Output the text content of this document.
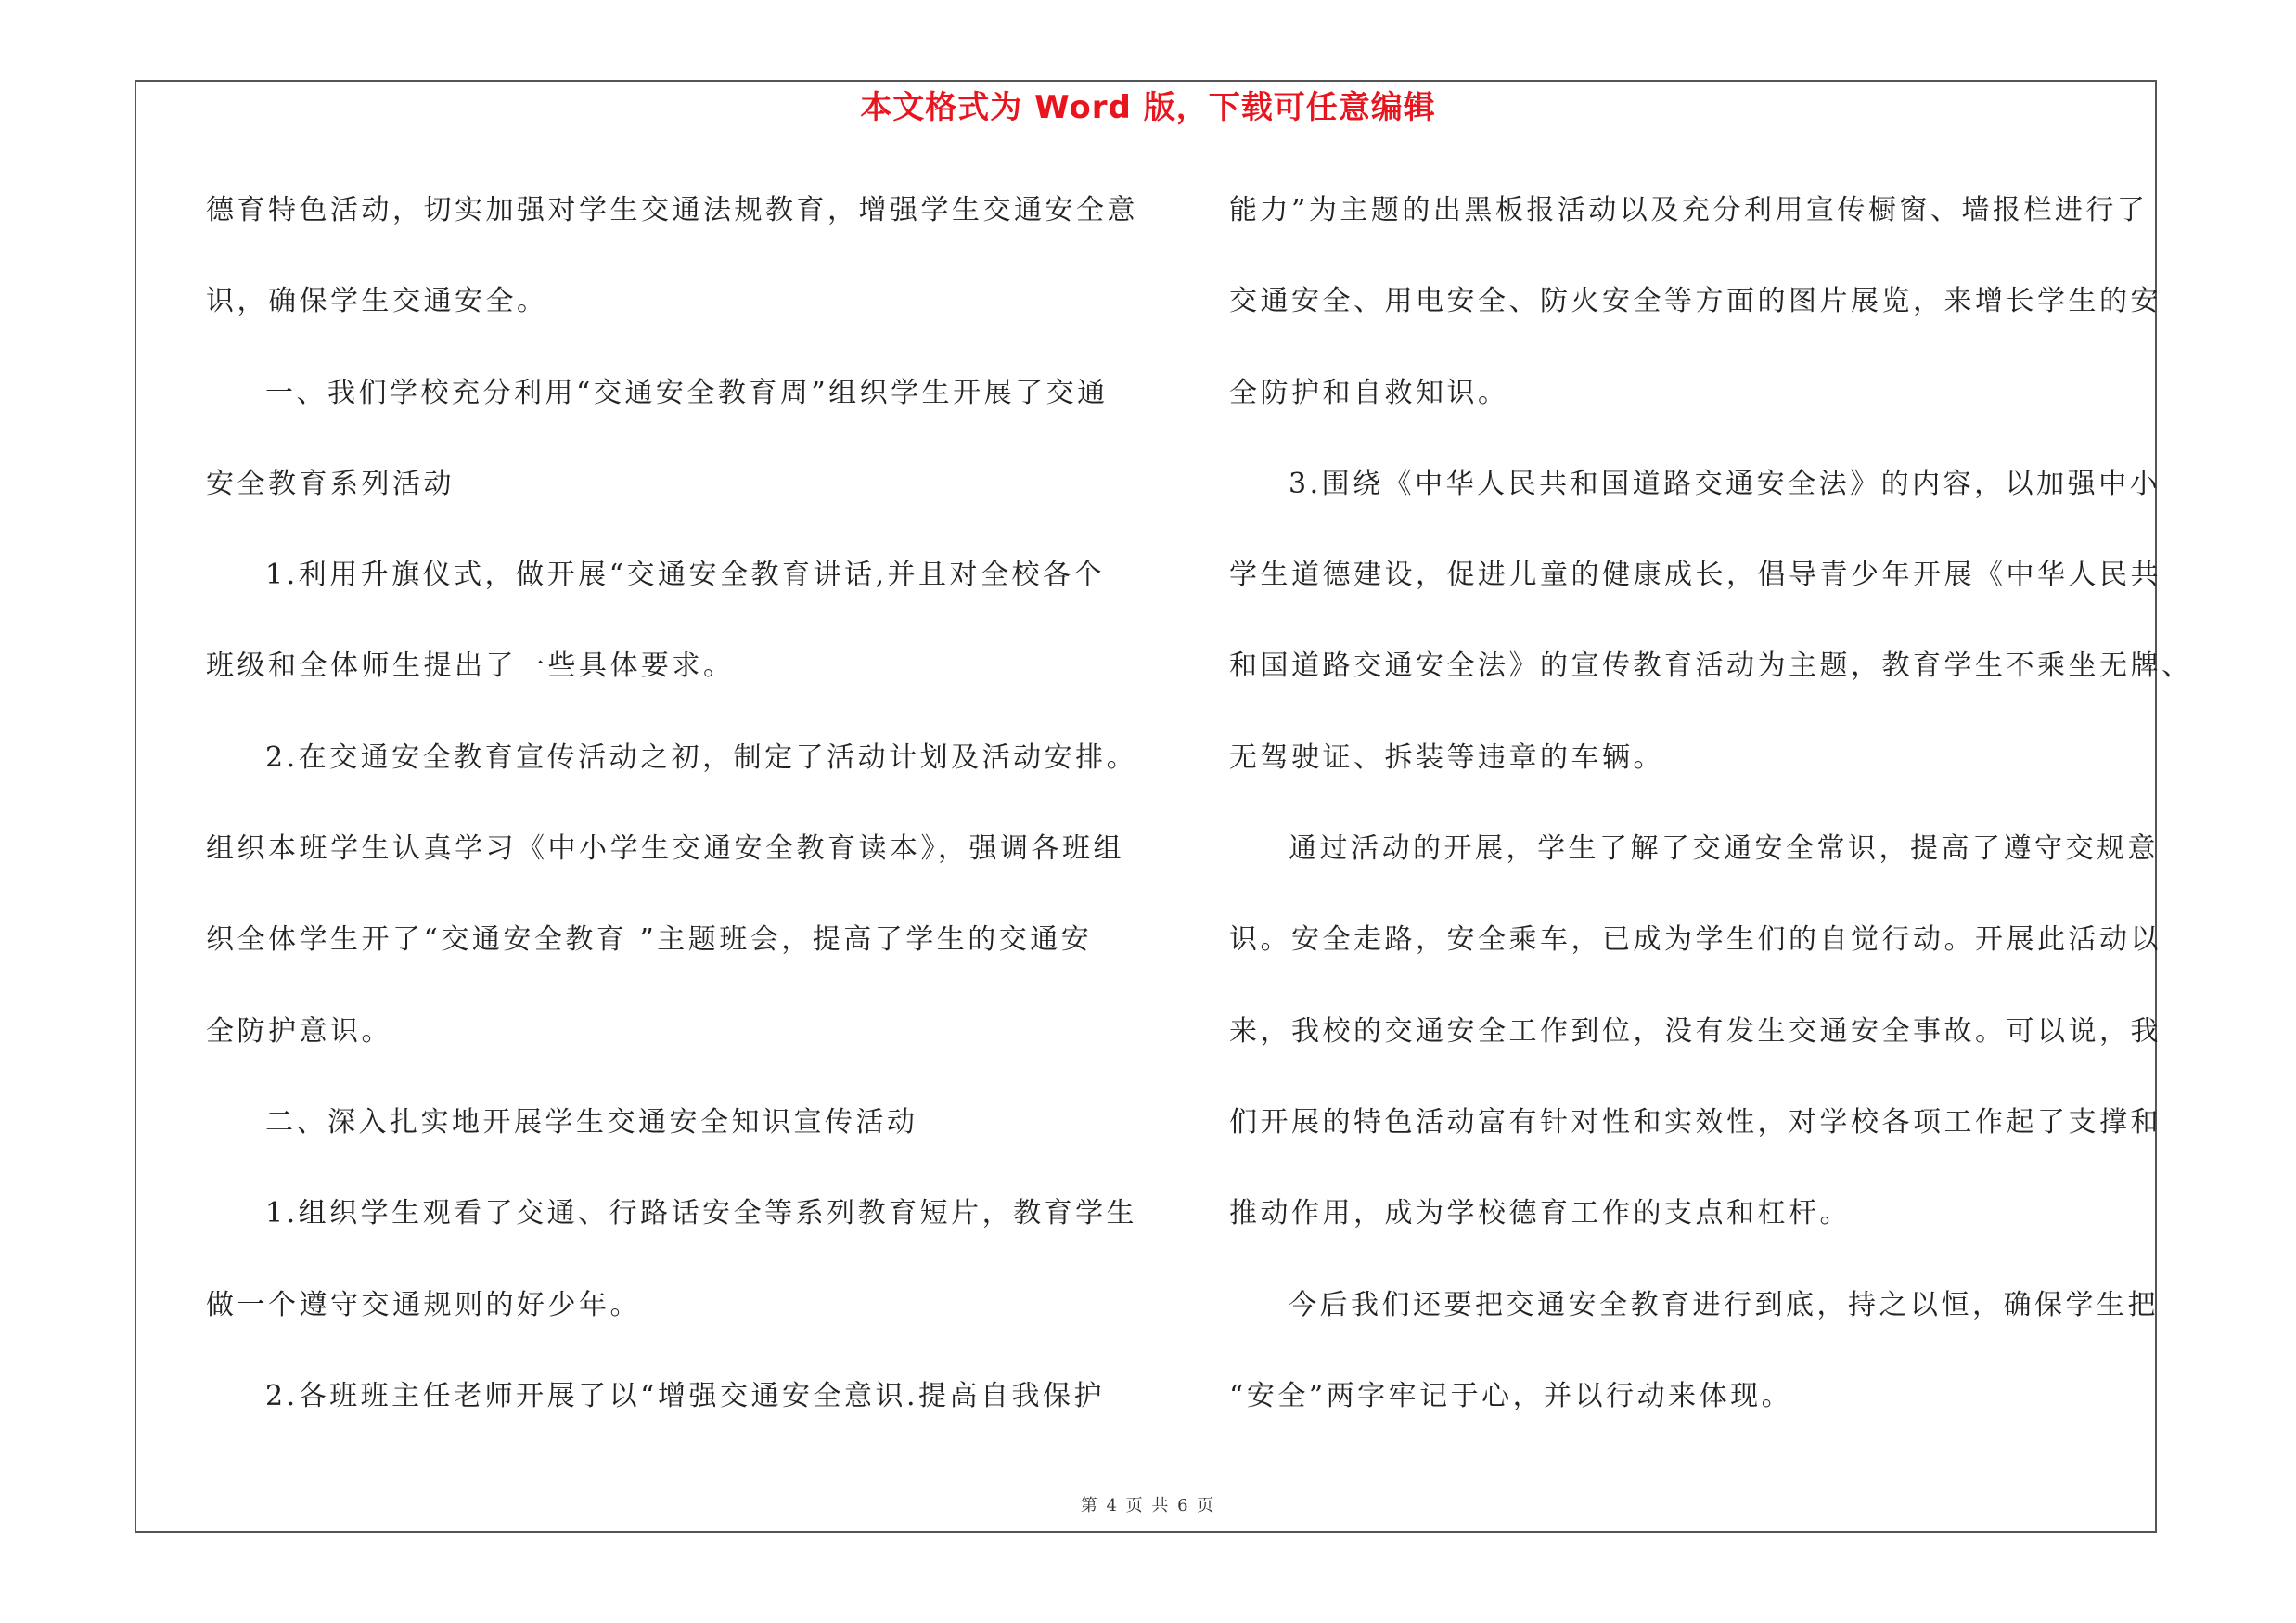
本文格式为 Word 版，下载可任意编辑
德育特色活动，切实加强对学生交通法规教育，增强学生交通安全意
识，确保学生交通安全。
一、我们学校充分利用“交通安全教育周”组织学生开展了交通
安全教育系列活动
1.利用升旗仪式，做开展“交通安全教育讲话,并且对全校各个
班级和全体师生提出了一些具体要求。
2.在交通安全教育宣传活动之初，制定了活动计划及活动安排。
组织本班学生认真学习《中小学生交通安全教育读本》，强调各班组
织全体学生开了“交通安全教育 ”主题班会，提高了学生的交通安
全防护意识。
二、深入扎实地开展学生交通安全知识宣传活动
1.组织学生观看了交通、行路话安全等系列教育短片，教育学生
做一个遵守交通规则的好少年。
2.各班班主任老师开展了以“增强交通安全意识.提高自我保护
能力”为主题的出黑板报活动以及充分利用宣传橱窗、墙报栏进行了
交通安全、用电安全、防火安全等方面的图片展览，来增长学生的安
全防护和自救知识。
3.围绕《中华人民共和国道路交通安全法》的内容，以加强中小
学生道德建设，促进儿童的健康成长，倡导青少年开展《中华人民共
和国道路交通安全法》的宣传教育活动为主题，教育学生不乘坐无牌、
无驾驶证、拆装等违章的车辆。
通过活动的开展，学生了解了交通安全常识，提高了遵守交规意
识。安全走路，安全乘车，已成为学生们的自觉行动。开展此活动以
来，我校的交通安全工作到位，没有发生交通安全事故。可以说，我
们开展的特色活动富有针对性和实效性，对学校各项工作起了支撑和
推动作用，成为学校德育工作的支点和杠杆。
今后我们还要把交通安全教育进行到底，持之以恒，确保学生把
“安全”两字牢记于心，并以行动来体现。
第 4 页 共 6 页
